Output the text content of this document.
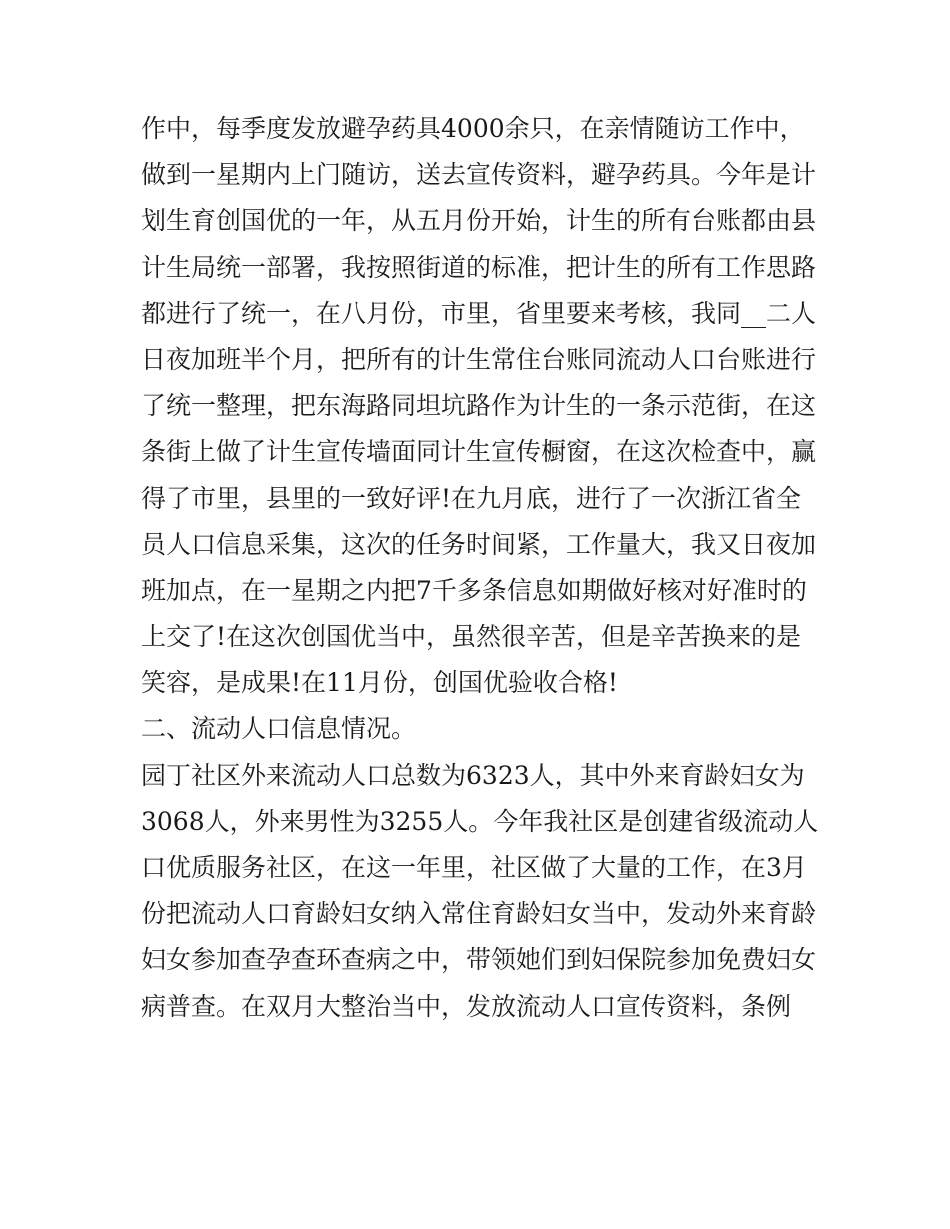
作中，每季度发放避孕药具4000余只，在亲情随访工作中，
做到一星期内上门随访，送去宣传资料，避孕药具。今年是计
划生育创国优的一年，从五月份开始，计生的所有台账都由县
计生局统一部署，我按照街道的标准，把计生的所有工作思路
都进行了统一，在八月份，市里，省里要来考核，我同__二人
日夜加班半个月，把所有的计生常住台账同流动人口台账进行
了统一整理，把东海路同坦坑路作为计生的一条示范街，在这
条街上做了计生宣传墙面同计生宣传橱窗，在这次检查中，赢
得了市里，县里的一致好评!在九月底，进行了一次浙江省全
员人口信息采集，这次的任务时间紧，工作量大，我又日夜加
班加点，在一星期之内把7千多条信息如期做好核对好准时的
上交了!在这次创国优当中，虽然很辛苦，但是辛苦换来的是
笑容，是成果!在11月份，创国优验收合格!
二、流动人口信息情况。
园丁社区外来流动人口总数为6323人，其中外来育龄妇女为
3068人，外来男性为3255人。今年我社区是创建省级流动人
口优质服务社区，在这一年里，社区做了大量的工作，在3月
份把流动人口育龄妇女纳入常住育龄妇女当中，发动外来育龄
妇女参加查孕查环查病之中，带领她们到妇保院参加免费妇女
病普查。在双月大整治当中，发放流动人口宣传资料，条例
